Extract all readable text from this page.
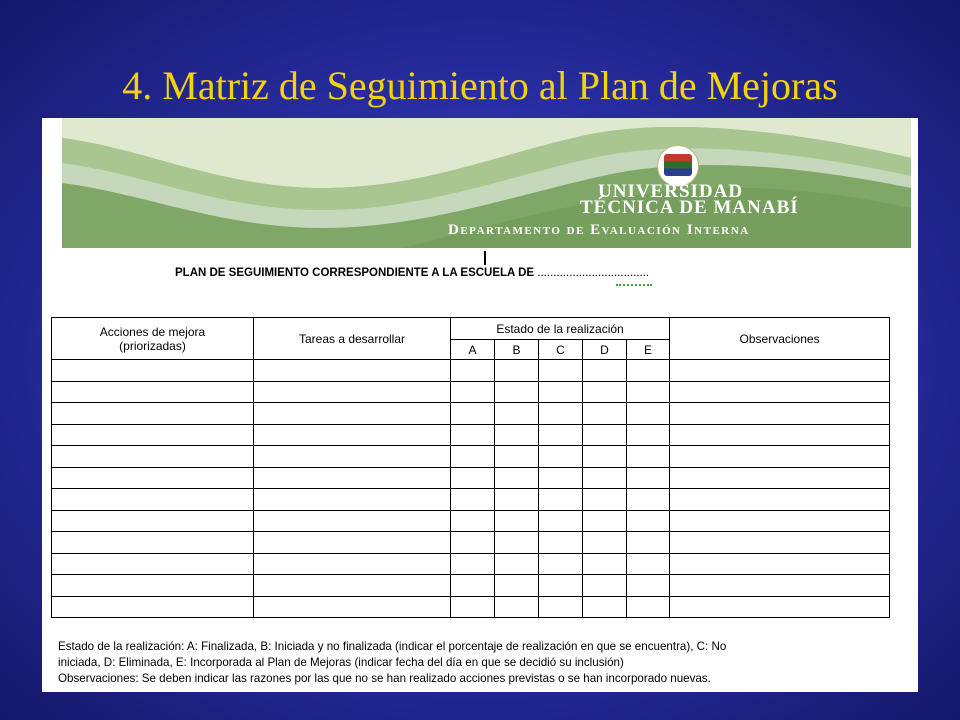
4. Matriz de Seguimiento al Plan de Mejoras
UNIVERSIDAD
TÉCNICA DE MANABÍ
Departamento de Evaluación Interna
PLAN DE SEGUIMIENTO CORRESPONDIENTE A LA ESCUELA DE ...................................
Acciones de mejora (priorizadas)	Tareas a desarrollar	Estado de la realización					Observaciones
		A	B	C	D	E	

Estado de la realización: A: Finalizada, B: Iniciada y no finalizada (indicar el porcentaje de realización en que se encuentra), C: No
iniciada, D: Eliminada, E: Incorporada al Plan de Mejoras (indicar fecha del día en que se decidió su inclusión)
Observaciones: Se deben indicar las razones por las que no se han realizado acciones previstas o se han incorporado nuevas.
